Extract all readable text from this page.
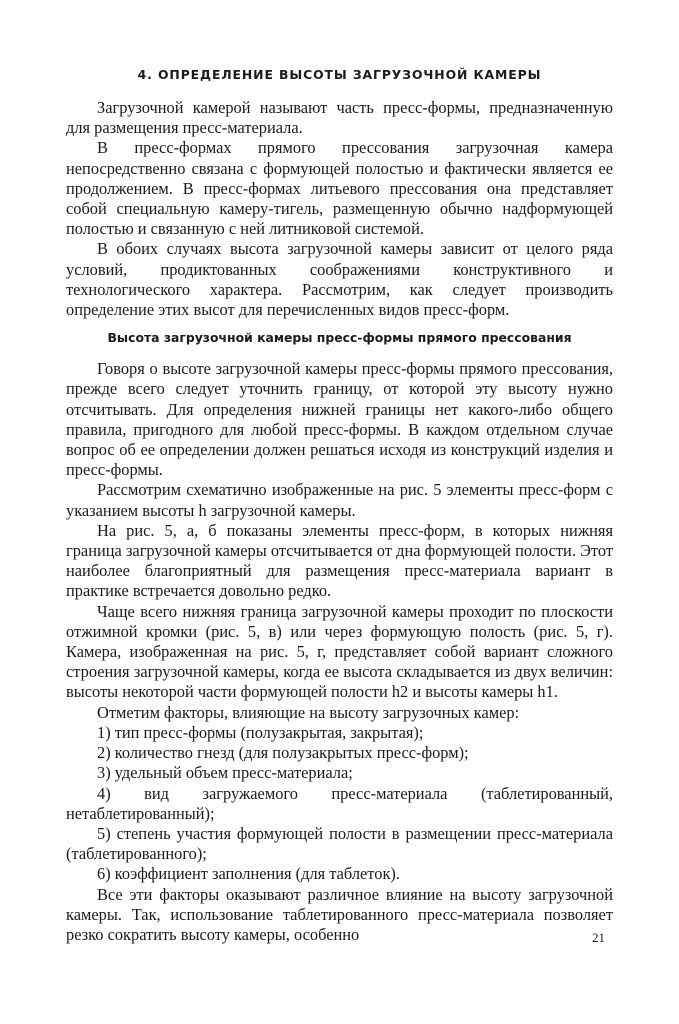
4. ОПРЕДЕЛЕНИЕ ВЫСОТЫ ЗАГРУЗОЧНОЙ КАМЕРЫ

Загрузочной камерой называют часть пресс-формы, предназначенную для размещения пресс-материала.

В пресс-формах прямого прессования загрузочная камера непосредственно связана с формующей полостью и фактически является ее продолжением. В пресс-формах литьевого прессования она представляет собой специальную камеру-тигель, размещенную обычно надформующей полостью и связанную с ней литниковой системой.

В обоих случаях высота загрузочной камеры зависит от целого ряда условий, продиктованных соображениями конструктивного и технологического характера. Рассмотрим, как следует производить определение этих высот для перечисленных видов пресс-форм.

Высота загрузочной камеры пресс-формы прямого прессования

Говоря о высоте загрузочной камеры пресс-формы прямого прессования, прежде всего следует уточнить границу, от которой эту высоту нужно отсчитывать. Для определения нижней границы нет какого-либо общего правила, пригодного для любой пресс-формы. В каждом отдельном случае вопрос об ее определении должен решаться исходя из конструкций изделия и пресс-формы.

Рассмотрим схематично изображенные на рис. 5 элементы пресс-форм с указанием высоты h загрузочной камеры.

На рис. 5, а, б показаны элементы пресс-форм, в которых нижняя граница загрузочной камеры отсчитывается от дна формующей полости. Этот наиболее благоприятный для размещения пресс-материала вариант в практике встречается довольно редко.

Чаще всего нижняя граница загрузочной камеры проходит по плоскости отжимной кромки (рис. 5, в) или через формующую полость (рис. 5, г). Камера, изображенная на рис. 5, г, представляет собой вариант сложного строения загрузочной камеры, когда ее высота складывается из двух величин: высоты некоторой части формующей полости h2 и высоты камеры h1.

Отметим факторы, влияющие на высоту загрузочных камер:

1) тип пресс-формы (полузакрытая, закрытая);

2) количество гнезд (для полузакрытых пресс-форм);

3) удельный объем пресс-материала;

4) вид загружаемого пресс-материала (таблетированный, нетаблетированный);

5) степень участия формующей полости в размещении пресс-материала (таблетированного);

6) коэффициент заполнения (для таблеток).

Все эти факторы оказывают различное влияние на высоту загрузочной камеры. Так, использование таблетированного пресс-материала позволяет резко сократить высоту камеры, особенно	21
